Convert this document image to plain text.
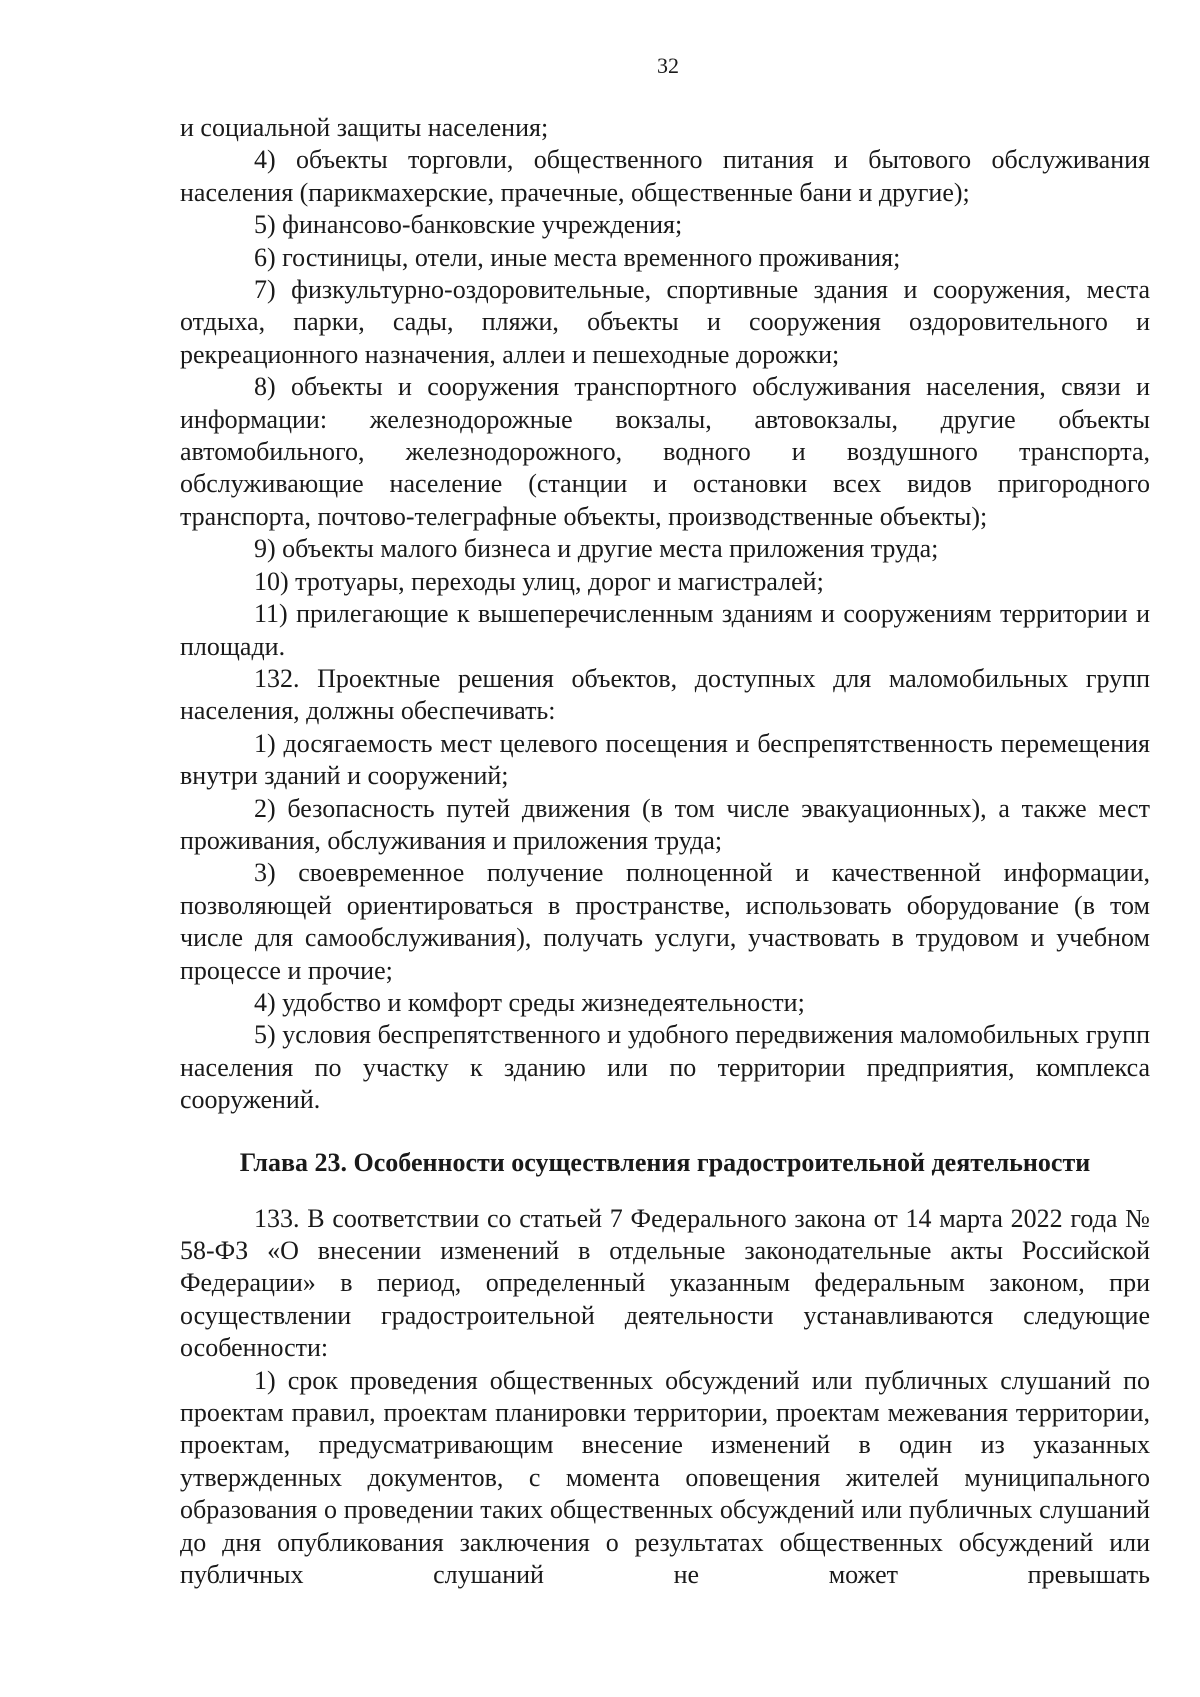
32

и социальной защиты населения;

4) объекты торговли, общественного питания и бытового обслуживания населения (парикмахерские, прачечные, общественные бани и другие);

5) финансово-банковские учреждения;

6) гостиницы, отели, иные места временного проживания;

7) физкультурно-оздоровительные, спортивные здания и сооружения, места отдыха, парки, сады, пляжи, объекты и сооружения оздоровительного и рекреационного назначения, аллеи и пешеходные дорожки;

8) объекты и сооружения транспортного обслуживания населения, связи и информации: железнодорожные вокзалы, автовокзалы, другие объекты автомобильного, железнодорожного, водного и воздушного транспорта, обслуживающие население (станции и остановки всех видов пригородного транспорта, почтово-телеграфные объекты, производственные объекты);

9) объекты малого бизнеса и другие места приложения труда;

10) тротуары, переходы улиц, дорог и магистралей;

11) прилегающие к вышеперечисленным зданиям и сооружениям территории и площади.

132. Проектные решения объектов, доступных для маломобильных групп населения, должны обеспечивать:

1) досягаемость мест целевого посещения и беспрепятственность перемещения внутри зданий и сооружений;

2) безопасность путей движения (в том числе эвакуационных), а также мест проживания, обслуживания и приложения труда;

3) своевременное получение полноценной и качественной информации, позволяющей ориентироваться в пространстве, использовать оборудование (в том числе для самообслуживания), получать услуги, участвовать в трудовом и учебном процессе и прочие;

4) удобство и комфорт среды жизнедеятельности;

5) условия беспрепятственного и удобного передвижения маломобильных групп населения по участку к зданию или по территории предприятия, комплекса сооружений.

Глава 23. Особенности осуществления градостроительной деятельности

133. В соответствии со статьей 7 Федерального закона от 14 марта 2022 года № 58-ФЗ «О внесении изменений в отдельные законодательные акты Российской Федерации» в период, определенный указанным федеральным законом, при осуществлении градостроительной деятельности устанавливаются следующие особенности:

1) срок проведения общественных обсуждений или публичных слушаний по проектам правил, проектам планировки территории, проектам межевания территории, проектам, предусматривающим внесение изменений в один из указанных утвержденных документов, с момента оповещения жителей муниципального образования о проведении таких общественных обсуждений или публичных слушаний до дня опубликования заключения о результатах общественных обсуждений или публичных слушаний не может превышать
